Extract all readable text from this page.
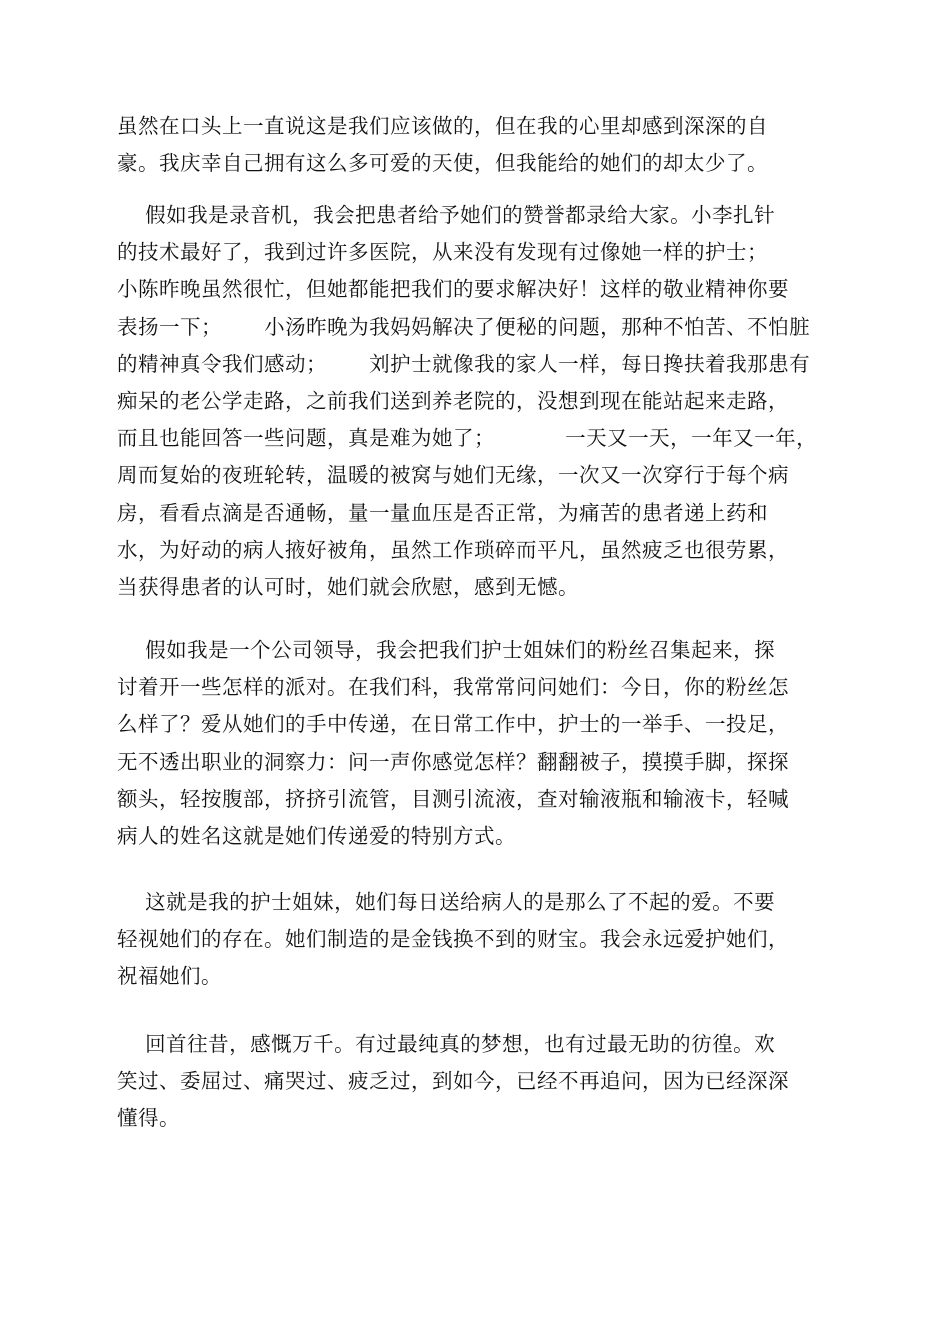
虽然在口头上一直说这是我们应该做的，但在我的心里却感到深深的自
豪。我庆幸自己拥有这么多可爱的天使，但我能给的她们的却太少了。
假如我是录音机，我会把患者给予她们的赞誉都录给大家。小李扎针
的技术最好了，我到过许多医院，从来没有发现有过像她一样的护士；
小陈昨晚虽然很忙，但她都能把我们的要求解决好！这样的敬业精神你要
表扬一下；      小汤昨晚为我妈妈解决了便秘的问题，那种不怕苦、不怕脏
的精神真令我们感动；      刘护士就像我的家人一样，每日搀扶着我那患有
痴呆的老公学走路，之前我们送到养老院的，没想到现在能站起来走路，
而且也能回答一些问题，真是难为她了；          一天又一天，一年又一年，
周而复始的夜班轮转，温暖的被窝与她们无缘，一次又一次穿行于每个病
房，看看点滴是否通畅，量一量血压是否正常，为痛苦的患者递上药和
水，为好动的病人掖好被角，虽然工作琐碎而平凡，虽然疲乏也很劳累，
当获得患者的认可时，她们就会欣慰，感到无憾。
假如我是一个公司领导，我会把我们护士姐妹们的粉丝召集起来，探
讨着开一些怎样的派对。在我们科，我常常问问她们：今日，你的粉丝怎
么样了？爱从她们的手中传递，在日常工作中，护士的一举手、一投足，
无不透出职业的洞察力：问一声你感觉怎样？翻翻被子，摸摸手脚，探探
额头，轻按腹部，挤挤引流管，目测引流液，查对输液瓶和输液卡，轻喊
病人的姓名这就是她们传递爱的特别方式。
这就是我的护士姐妹，她们每日送给病人的是那么了不起的爱。不要
轻视她们的存在。她们制造的是金钱换不到的财宝。我会永远爱护她们，
祝福她们。
回首往昔，感慨万千。有过最纯真的梦想，也有过最无助的彷徨。欢
笑过、委屈过、痛哭过、疲乏过，到如今，已经不再追问，因为已经深深
懂得。
